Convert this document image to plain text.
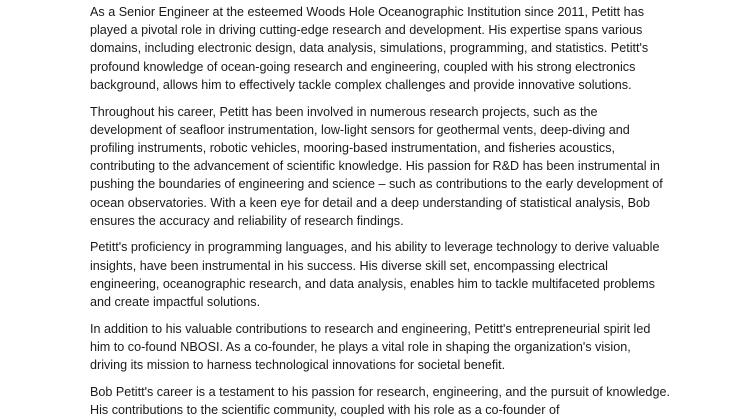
As a Senior Engineer at the esteemed Woods Hole Oceanographic Institution since 2011, Petitt has played a pivotal role in driving cutting-edge research and development. His expertise spans various domains, including electronic design, data analysis, simulations, programming, and statistics. Petitt's profound knowledge of ocean-going research and engineering, coupled with his strong electronics background, allows him to effectively tackle complex challenges and provide innovative solutions.

Throughout his career, Petitt has been involved in numerous research projects, such as the development of seafloor instrumentation, low-light sensors for geothermal vents, deep-diving and profiling instruments, robotic vehicles, mooring-based instrumentation, and fisheries acoustics, contributing to the advancement of scientific knowledge. His passion for R&D has been instrumental in pushing the boundaries of engineering and science – such as contributions to the early development of ocean observatories. With a keen eye for detail and a deep understanding of statistical analysis, Bob ensures the accuracy and reliability of research findings.

Petitt's proficiency in programming languages, and his ability to leverage technology to derive valuable insights, have been instrumental in his success. His diverse skill set, encompassing electrical engineering, oceanographic research, and data analysis, enables him to tackle multifaceted problems and create impactful solutions.

In addition to his valuable contributions to research and engineering, Petitt's entrepreneurial spirit led him to co-found NBOSI. As a co-founder, he plays a vital role in shaping the organization's vision, driving its mission to harness technological innovations for societal benefit.

Bob Petitt's career is a testament to his passion for research, engineering, and the pursuit of knowledge. His contributions to the scientific community, coupled with his role as a co-founder of
